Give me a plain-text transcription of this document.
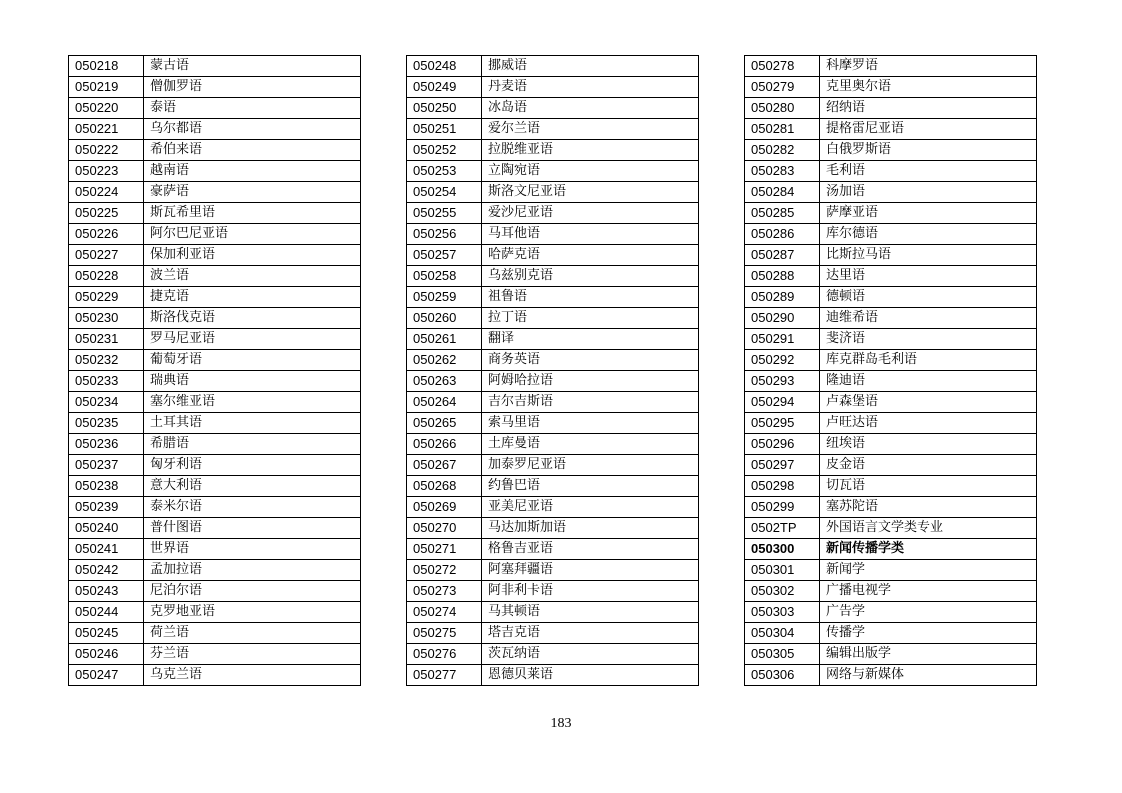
050218	蒙古语
050219	僧伽罗语
050220	泰语
050221	乌尔都语
050222	希伯来语
050223	越南语
050224	豪萨语
050225	斯瓦希里语
050226	阿尔巴尼亚语
050227	保加利亚语
050228	波兰语
050229	捷克语
050230	斯洛伐克语
050231	罗马尼亚语
050232	葡萄牙语
050233	瑞典语
050234	塞尔维亚语
050235	土耳其语
050236	希腊语
050237	匈牙利语
050238	意大利语
050239	泰米尔语
050240	普什图语
050241	世界语
050242	孟加拉语
050243	尼泊尔语
050244	克罗地亚语
050245	荷兰语
050246	芬兰语
050247	乌克兰语
050248	挪威语
050249	丹麦语
050250	冰岛语
050251	爱尔兰语
050252	拉脱维亚语
050253	立陶宛语
050254	斯洛文尼亚语
050255	爱沙尼亚语
050256	马耳他语
050257	哈萨克语
050258	乌兹别克语
050259	祖鲁语
050260	拉丁语
050261	翻译
050262	商务英语
050263	阿姆哈拉语
050264	吉尔吉斯语
050265	索马里语
050266	土库曼语
050267	加泰罗尼亚语
050268	约鲁巴语
050269	亚美尼亚语
050270	马达加斯加语
050271	格鲁吉亚语
050272	阿塞拜疆语
050273	阿非利卡语
050274	马其顿语
050275	塔吉克语
050276	茨瓦纳语
050277	恩德贝莱语
050278	科摩罗语
050279	克里奥尔语
050280	绍纳语
050281	提格雷尼亚语
050282	白俄罗斯语
050283	毛利语
050284	汤加语
050285	萨摩亚语
050286	库尔德语
050287	比斯拉马语
050288	达里语
050289	德顿语
050290	迪维希语
050291	斐济语
050292	库克群岛毛利语
050293	隆迪语
050294	卢森堡语
050295	卢旺达语
050296	纽埃语
050297	皮金语
050298	切瓦语
050299	塞苏陀语
0502TP	外国语言文学类专业
050300	新闻传播学类
050301	新闻学
050302	广播电视学
050303	广告学
050304	传播学
050305	编辑出版学
050306	网络与新媒体
183
